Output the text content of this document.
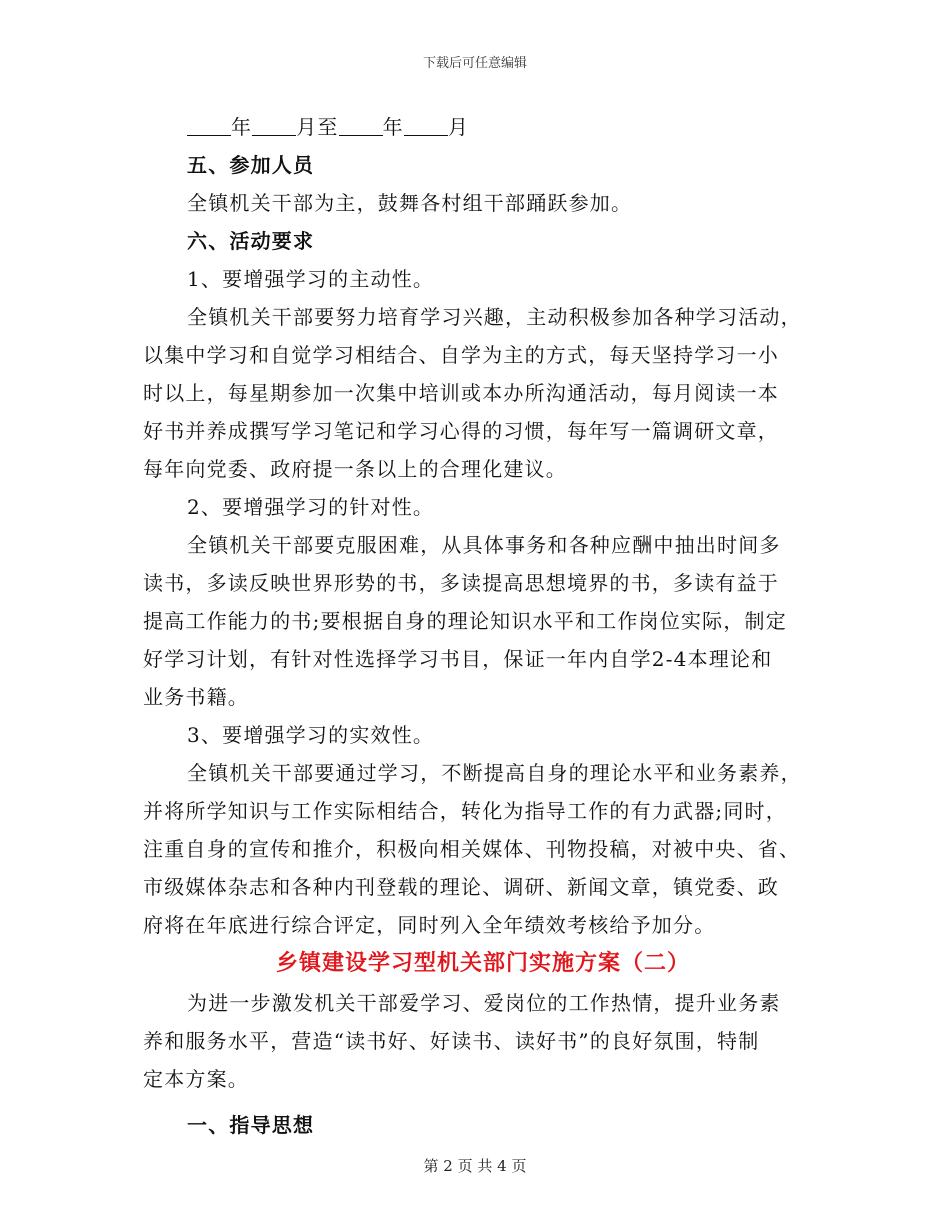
下载后可任意编辑
年 月至 年 月
五、参加人员
全镇机关干部为主，鼓舞各村组干部踊跃参加。
六、活动要求
1、要增强学习的主动性。
全镇机关干部要努力培育学习兴趣，主动积极参加各种学习活动，
以集中学习和自觉学习相结合、自学为主的方式，每天坚持学习一小
时以上，每星期参加一次集中培训或本办所沟通活动，每月阅读一本
好书并养成撰写学习笔记和学习心得的习惯，每年写一篇调研文章，
每年向党委、政府提一条以上的合理化建议。
2、要增强学习的针对性。
全镇机关干部要克服困难，从具体事务和各种应酬中抽出时间多
读书，多读反映世界形势的书，多读提高思想境界的书，多读有益于
提高工作能力的书;要根据自身的理论知识水平和工作岗位实际，制定
好学习计划，有针对性选择学习书目，保证一年内自学2-4本理论和
业务书籍。
3、要增强学习的实效性。
全镇机关干部要通过学习，不断提高自身的理论水平和业务素养，
并将所学知识与工作实际相结合，转化为指导工作的有力武器;同时，
注重自身的宣传和推介，积极向相关媒体、刊物投稿，对被中央、省、
市级媒体杂志和各种内刊登载的理论、调研、新闻文章，镇党委、政
府将在年底进行综合评定，同时列入全年绩效考核给予加分。
乡镇建设学习型机关部门实施方案（二）
为进一步激发机关干部爱学习、爱岗位的工作热情，提升业务素
养和服务水平，营造“读书好、好读书、读好书”的良好氛围，特制
定本方案。
一、指导思想
第 2 页 共 4 页
